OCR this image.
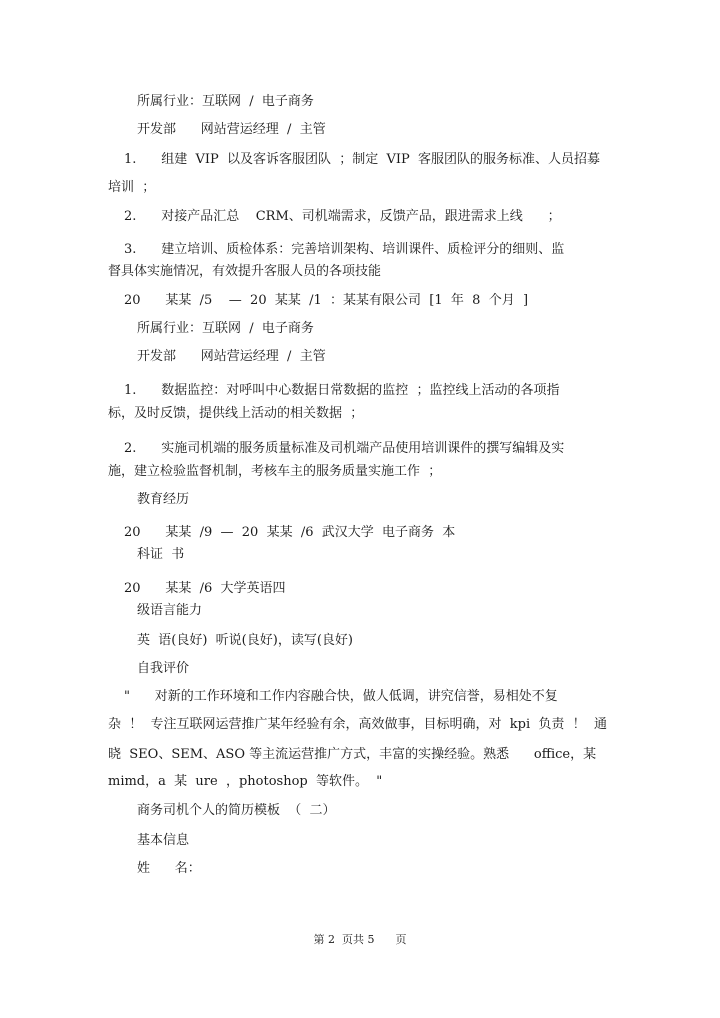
所属行业：互联网  /  电子商务
开发部      网站营运经理  /  主管
1.      组建  VIP  以及客诉客服团队  ；制定  VIP  客服团队的服务标准、人员招募
培训  ；
2.      对接产品汇总    CRM、司机端需求，反馈产品，跟进需求上线      ；
3.      建立培训、质检体系：完善培训架构、培训课件、质检评分的细则、监
督具体实施情况，有效提升客服人员的各项技能
20      某某  /5    —  20  某某  /1  ：某某有限公司  [1  年  8  个月  ]
所属行业：互联网  /  电子商务
开发部      网站营运经理  /  主管
1.      数据监控：对呼叫中心数据日常数据的监控  ；监控线上活动的各项指
标，及时反馈，提供线上活动的相关数据  ；
2.      实施司机端的服务质量标准及司机端产品使用培训课件的撰写编辑及实
施，建立检验监督机制，考核车主的服务质量实施工作  ；
教育经历
20      某某  /9  —  20  某某  /6  武汉大学  电子商务  本
科证  书
20      某某  /6  大学英语四
级语言能力
英  语(良好)  听说(良好)，读写(良好)
自我评价
"      对新的工作环境和工作内容融合快，做人低调，讲究信誉，易相处不复
杂  ！  专注互联网运营推广某年经验有余，高效做事，目标明确，对  kpi  负责  ！  通
晓  SEO、SEM、ASO 等主流运营推广方式，丰富的实操经验。熟悉      office，某
mimd，a  某  ure  ，photoshop  等软件。  "
商务司机个人的简历模板  （  二）
基本信息
姓      名：
第 2  页共 5      页
